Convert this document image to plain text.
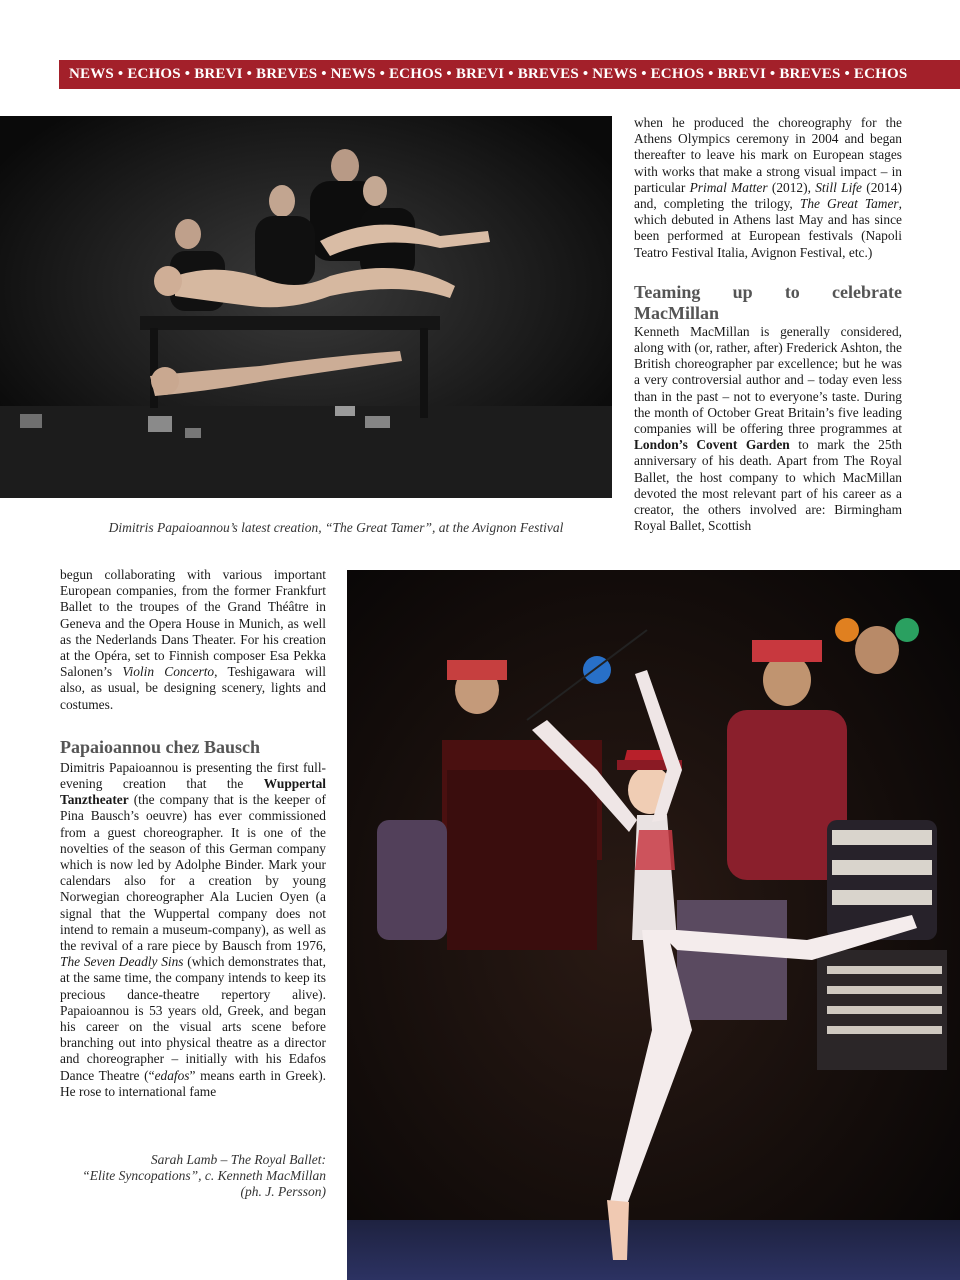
NEWS • ECHOS • BREVI • BREVES • NEWS • ECHOS • BREVI • BREVES • NEWS • ECHOS • BREVI • BREVES • ECHOS
Dimitris Papaioannou’s latest creation, “The Great Tamer”, at the Avignon Festival

when he produced the choreography for the Athens Olympics ceremony in 2004 and began thereafter to leave his mark on European stages with works that make a strong visual impact – in particular Primal Matter (2012), Still Life (2014) and, completing the trilogy, The Great Tamer, which debuted in Athens last May and has since been performed at European festivals (Napoli Teatro Festival Italia, Avignon Festival, etc.)

Teaming up to celebrate MacMillan

Kenneth MacMillan is generally considered, along with (or, rather, after) Frederick Ashton, the British choreographer par excellence; but he was a very controversial author and – today even less than in the past – not to everyone’s taste. During the month of October Great Britain’s five leading companies will be offering three programmes at London’s Covent Garden to mark the 25th anniversary of his death. Apart from The Royal Ballet, the host company to which MacMillan devoted the most relevant part of his career as a creator, the others involved are: Birmingham Royal Ballet, Scottish

begun collaborating with various important European companies, from the former Frankfurt Ballet to the troupes of the Grand Théâtre in Geneva and the Opera House in Munich, as well as the Nederlands Dans Theater. For his creation at the Opéra, set to Finnish composer Esa Pekka Salonen’s Violin Concerto, Teshigawara will also, as usual, be designing scenery, lights and costumes.

Papaioannou chez Bausch

Dimitris Papaioannou is presenting the first full-evening creation that the Wuppertal Tanztheater (the company that is the keeper of Pina Bausch’s oeuvre) has ever commissioned from a guest choreographer. It is one of the novelties of the season of this German company which is now led by Adolphe Binder. Mark your calendars also for a creation by young Norwegian choreographer Ala Lucien Oyen (a signal that the Wuppertal company does not intend to remain a museum-company), as well as the revival of a rare piece by Bausch from 1976, The Seven Deadly Sins (which demonstrates that, at the same time, the company intends to keep its precious dance-theatre repertory alive). Papaioannou is 53 years old, Greek, and began his career on the visual arts scene before branching out into physical theatre as a director and choreographer – initially with his Edafos Dance Theatre (“edafos” means earth in Greek). He rose to international fame

Sarah Lamb – The Royal Ballet:
“Elite Syncopations”, c. Kenneth MacMillan
(ph. J. Persson)
